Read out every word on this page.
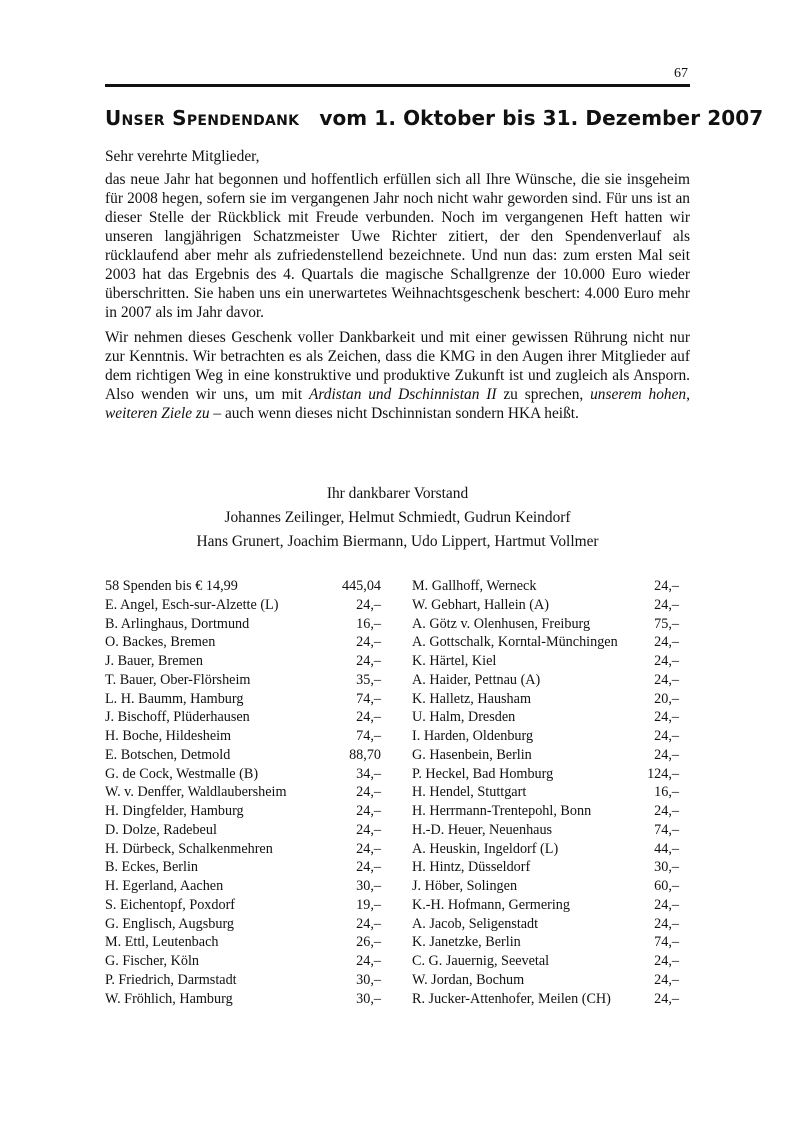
67
Unser Spendendank vom 1. Oktober bis 31. Dezember 2007

Sehr verehrte Mitglieder,

das neue Jahr hat begonnen und hoffentlich erfüllen sich all Ihre Wünsche, die sie insgeheim für 2008 hegen, sofern sie im vergangenen Jahr noch nicht wahr geworden sind. Für uns ist an dieser Stelle der Rückblick mit Freude verbunden. Noch im vergangenen Heft hatten wir unseren langjährigen Schatzmeister Uwe Richter zitiert, der den Spendenverlauf als rücklaufend aber mehr als zufriedenstellend bezeichnete. Und nun das: zum ersten Mal seit 2003 hat das Ergebnis des 4. Quartals die magische Schallgrenze der 10.000 Euro wieder überschritten. Sie haben uns ein unerwartetes Weihnachtsgeschenk beschert: 4.000 Euro mehr in 2007 als im Jahr davor.

Wir nehmen dieses Geschenk voller Dankbarkeit und mit einer gewissen Rührung nicht nur zur Kenntnis. Wir betrachten es als Zeichen, dass die KMG in den Augen ihrer Mitglieder auf dem richtigen Weg in eine konstruktive und produktive Zukunft ist und zugleich als Ansporn. Also wenden wir uns, um mit Ardistan und Dschinnistan II zu sprechen, unserem hohen, weiteren Ziele zu – auch wenn dieses nicht Dschinnistan sondern HKA heißt.

Ihr dankbarer Vorstand
Johannes Zeilinger, Helmut Schmiedt, Gudrun Keindorf
Hans Grunert, Joachim Biermann, Udo Lippert, Hartmut Vollmer
58 Spenden bis € 14,99	445,04
E. Angel, Esch-sur-Alzette (L)	24,–
B. Arlinghaus, Dortmund	16,–
O. Backes, Bremen	24,–
J. Bauer, Bremen	24,–
T. Bauer, Ober-Flörsheim	35,–
L. H. Baumm, Hamburg	74,–
J. Bischoff, Plüderhausen	24,–
H. Boche, Hildesheim	74,–
E. Botschen, Detmold	88,70
G. de Cock, Westmalle (B)	34,–
W. v. Denffer, Waldlaubersheim	24,–
H. Dingfelder, Hamburg	24,–
D. Dolze, Radebeul	24,–
H. Dürbeck, Schalkenmehren	24,–
B. Eckes, Berlin	24,–
H. Egerland, Aachen	30,–
S. Eichentopf, Poxdorf	19,–
G. Englisch, Augsburg	24,–
M. Ettl, Leutenbach	26,–
G. Fischer, Köln	24,–
P. Friedrich, Darmstadt	30,–
W. Fröhlich, Hamburg	30,–
M. Gallhoff, Werneck	24,–
W. Gebhart, Hallein (A)	24,–
A. Götz v. Olenhusen, Freiburg	75,–
A. Gottschalk, Korntal-Münchingen	24,–
K. Härtel, Kiel	24,–
A. Haider, Pettnau (A)	24,–
K. Halletz, Hausham	20,–
U. Halm, Dresden	24,–
I. Harden, Oldenburg	24,–
G. Hasenbein, Berlin	24,–
P. Heckel, Bad Homburg	124,–
H. Hendel, Stuttgart	16,–
H. Herrmann-Trentepohl, Bonn	24,–
H.-D. Heuer, Neuenhaus	74,–
A. Heuskin, Ingeldorf (L)	44,–
H. Hintz, Düsseldorf	30,–
J. Höber, Solingen	60,–
K.-H. Hofmann, Germering	24,–
A. Jacob, Seligenstadt	24,–
K. Janetzke, Berlin	74,–
C. G. Jauernig, Seevetal	24,–
W. Jordan, Bochum	24,–
R. Jucker-Attenhofer, Meilen (CH)	24,–
